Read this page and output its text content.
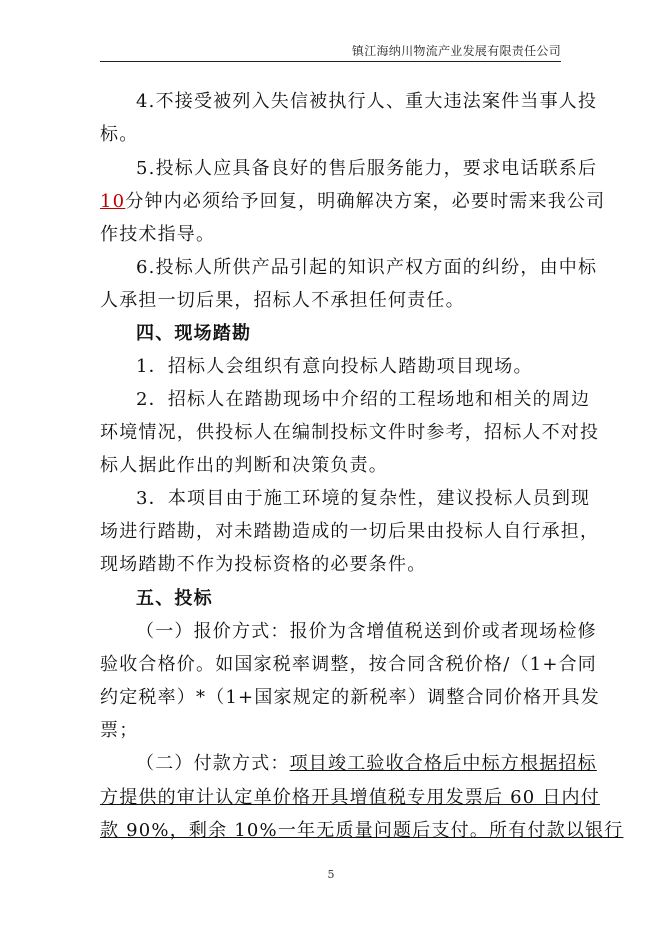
镇江海纳川物流产业发展有限责任公司
4.不接受被列入失信被执行人、重大违法案件当事人投
标。
5.投标人应具备良好的售后服务能力，要求电话联系后
10分钟内必须给予回复，明确解决方案，必要时需来我公司
作技术指导。
6.投标人所供产品引起的知识产权方面的纠纷，由中标
人承担一切后果，招标人不承担任何责任。
四、现场踏勘
1．招标人会组织有意向投标人踏勘项目现场。
2．招标人在踏勘现场中介绍的工程场地和相关的周边
环境情况，供投标人在编制投标文件时参考，招标人不对投
标人据此作出的判断和决策负责。
3．本项目由于施工环境的复杂性，建议投标人员到现
场进行踏勘，对未踏勘造成的一切后果由投标人自行承担，
现场踏勘不作为投标资格的必要条件。
五、投标
（一）报价方式：报价为含增值税送到价或者现场检修
验收合格价。如国家税率调整，按合同含税价格/（1+合同
约定税率）*（1+国家规定的新税率）调整合同价格开具发
票；
（二）付款方式：项目竣工验收合格后中标方根据招标
方提供的审计认定单价格开具增值税专用发票后 60 日内付
款 90%，剩余 10%一年无质量问题后支付。所有付款以银行
5
